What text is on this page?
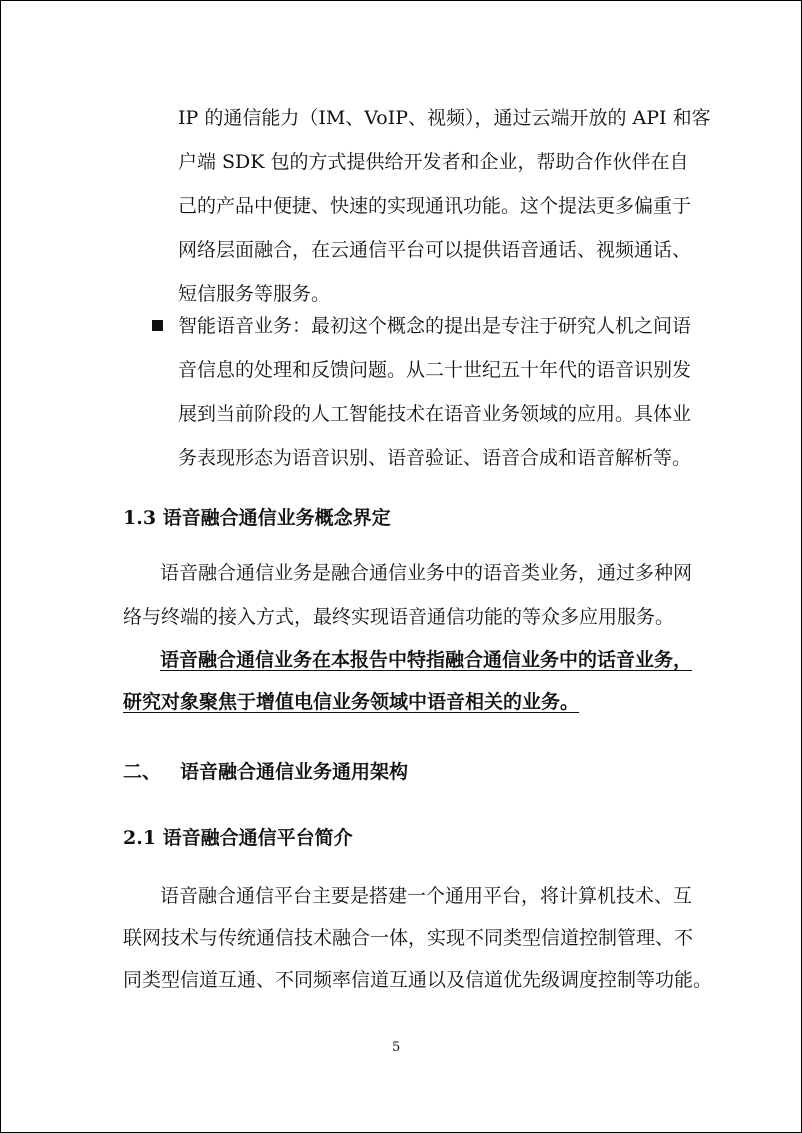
IP 的通信能力（IM、VoIP、视频），通过云端开放的 API 和客
户端 SDK 包的方式提供给开发者和企业，帮助合作伙伴在自
己的产品中便捷、快速的实现通讯功能。这个提法更多偏重于
网络层面融合，在云通信平台可以提供语音通话、视频通话、
短信服务等服务。
智能语音业务：最初这个概念的提出是专注于研究人机之间语
音信息的处理和反馈问题。从二十世纪五十年代的语音识别发
展到当前阶段的人工智能技术在语音业务领域的应用。具体业
务表现形态为语音识别、语音验证、语音合成和语音解析等。
1.3 语音融合通信业务概念界定
语音融合通信业务是融合通信业务中的语音类业务，通过多种网
络与终端的接入方式，最终实现语音通信功能的等众多应用服务。
语音融合通信业务在本报告中特指融合通信业务中的话音业务，
研究对象聚焦于增值电信业务领域中语音相关的业务。
二、 语音融合通信业务通用架构
2.1 语音融合通信平台简介
语音融合通信平台主要是搭建一个通用平台，将计算机技术、互
联网技术与传统通信技术融合一体，实现不同类型信道控制管理、不
同类型信道互通、不同频率信道互通以及信道优先级调度控制等功能。
5
